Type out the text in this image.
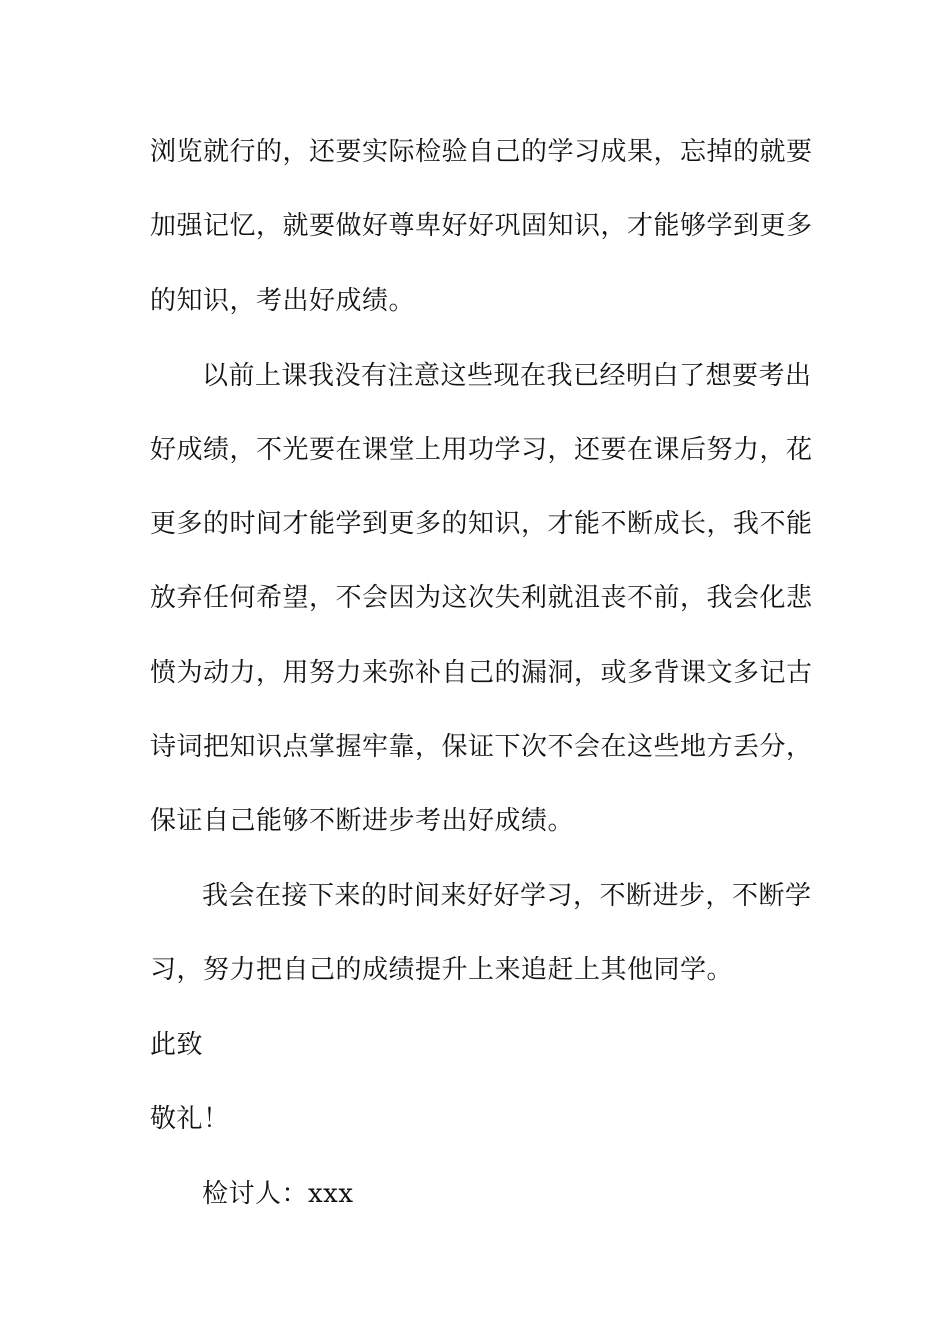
浏览就行的，还要实际检验自己的学习成果，忘掉的就要
加强记忆，就要做好尊卑好好巩固知识，才能够学到更多
的知识，考出好成绩。
以前上课我没有注意这些现在我已经明白了想要考出
好成绩，不光要在课堂上用功学习，还要在课后努力，花
更多的时间才能学到更多的知识，才能不断成长，我不能
放弃任何希望，不会因为这次失利就沮丧不前，我会化悲
愤为动力，用努力来弥补自己的漏洞，或多背课文多记古
诗词把知识点掌握牢靠，保证下次不会在这些地方丢分，
保证自己能够不断进步考出好成绩。
我会在接下来的时间来好好学习，不断进步，不断学
习，努力把自己的成绩提升上来追赶上其他同学。
此致
敬礼！
检讨人：xxx
